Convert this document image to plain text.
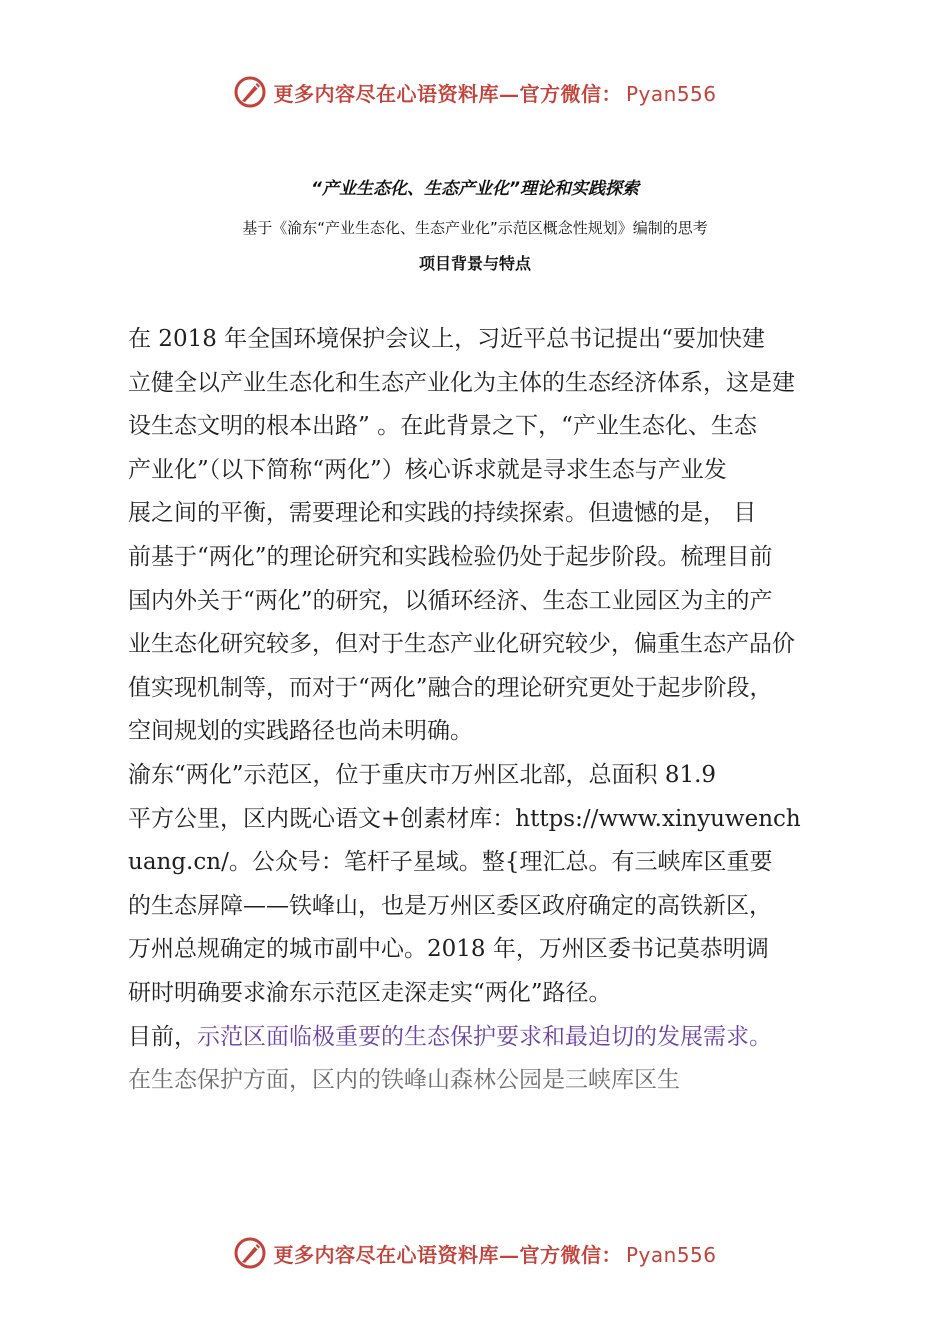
更多内容尽在心语资料库—官方微信： Pyan556
“产业生态化、生态产业化”理论和实践探索
基于《渝东“产业生态化、生态产业化”示范区概念性规划》编制的思考
项目背景与特点
在 2018 年全国环境保护会议上，习近平总书记提出“要加快建
立健全以产业生态化和生态产业化为主体的生态经济体系，这是建
设生态文明的根本出路” 。在此背景之下，“产业生态化、生态
产业化”（以下简称“两化”）核心诉求就是寻求生态与产业发
展之间的平衡，需要理论和实践的持续探索。但遗憾的是， 目
前基于“两化”的理论研究和实践检验仍处于起步阶段。梳理目前
国内外关于“两化”的研究，以循环经济、生态工业园区为主的产
业生态化研究较多，但对于生态产业化研究较少，偏重生态产品价
值实现机制等，而对于“两化”融合的理论研究更处于起步阶段，
空间规划的实践路径也尚未明确。
渝东“两化”示范区，位于重庆市万州区北部，总面积 81.9
平方公里，区内既心语文+创素材库：https://www.xinyuwench
uang.cn/。公众号：笔杆子星域。整{理汇总。有三峡库区重要
的生态屏障——铁峰山，也是万州区委区政府确定的高铁新区，
万州总规确定的城市副中心。2018 年，万州区委书记莫恭明调
研时明确要求渝东示范区走深走实“两化”路径。
目前，示范区面临极重要的生态保护要求和最迫切的发展需求。
在生态保护方面，区内的铁峰山森林公园是三峡库区生
更多内容尽在心语资料库—官方微信： Pyan556
